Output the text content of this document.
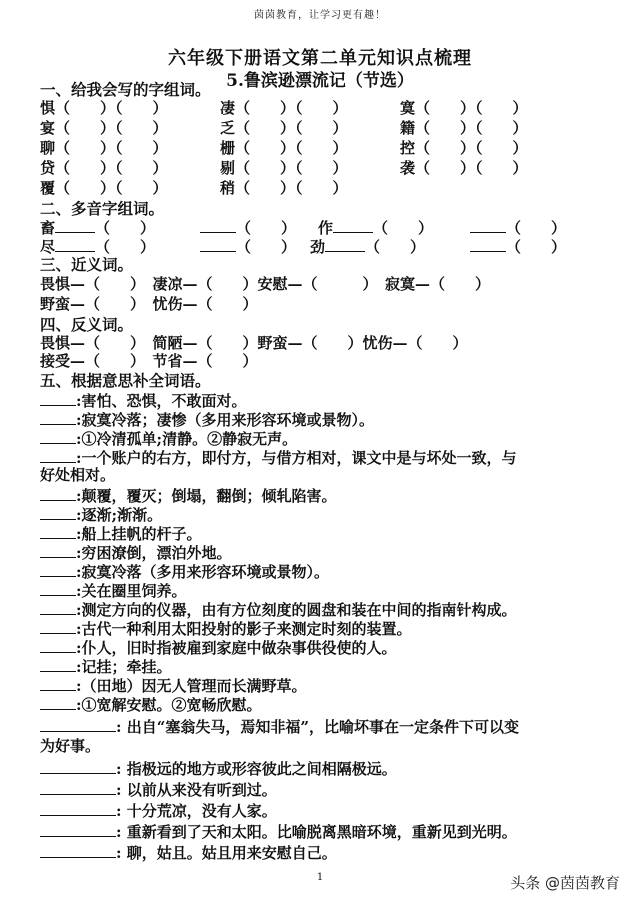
茵茵教育，让学习更有趣！
六年级下册语文第二单元知识点梳理
5.鲁滨逊漂流记（节选）
一、给我会写的字组词。
惧（　　）（　　）	凄（　　）（　　）	寞（　　）（　　）
宴（　　）（　　）	乏（　　）（　　）	籍（　　）（　　）
聊（　　）（　　）	栅（　　）（　　）	控（　　）（　　）
贷（　　）（　　）	剔（　　）（　　）	袭（　　）（　　）
覆（　　）（　　）	稍（　　）（　　）
二、多音字组词。
畜	（　　）	（　　） 作	（　　）	（　　）
尽	（　　）	（　　） 劲	（　　）	（　　）
三、近义词。
畏惧—（　　）　凄凉—（　　）安慰—（　　　）　寂寞—（　　）
野蛮—（　　）　忧伤—（　　）
四、反义词。
畏惧—（　　）　简陋—（　　）野蛮—（　　）忧伤—（　　）
接受—（　　）　节省—（　　）
五、根据意思补全词语。
:害怕、恐惧，不敢面对。
:寂寞冷落；凄惨（多用来形容环境或景物）。
:①冷清孤单;清静。②静寂无声。
:一个账户的右方，即付方，与借方相对，课文中是与坏处一致，与
好处相对。
:颠覆，覆灭；倒塌，翻倒；倾轧陷害。
:逐渐;渐渐。
:船上挂帆的杆子。
:穷困潦倒，漂泊外地。
:寂寞冷落（多用来形容环境或景物）。
:关在圈里饲养。
:测定方向的仪器，由有方位刻度的圆盘和装在中间的指南针构成。
:古代一种利用太阳投射的影子来测定时刻的装置。
:仆人，旧时指被雇到家庭中做杂事供役使的人。
:记挂；牵挂。
:（田地）因无人管理而长满野草。
:①宽解安慰。②宽畅欣慰。
: 出自“塞翁失马，焉知非福”，比喻坏事在一定条件下可以变
为好事。
: 指极远的地方或形容彼此之间相隔极远。
: 以前从来没有听到过。
: 十分荒凉，没有人家。
: 重新看到了天和太阳。比喻脱离黑暗环境，重新见到光明。
: 聊，姑且。姑且用来安慰自己。
1	头条 @茵茵教育
